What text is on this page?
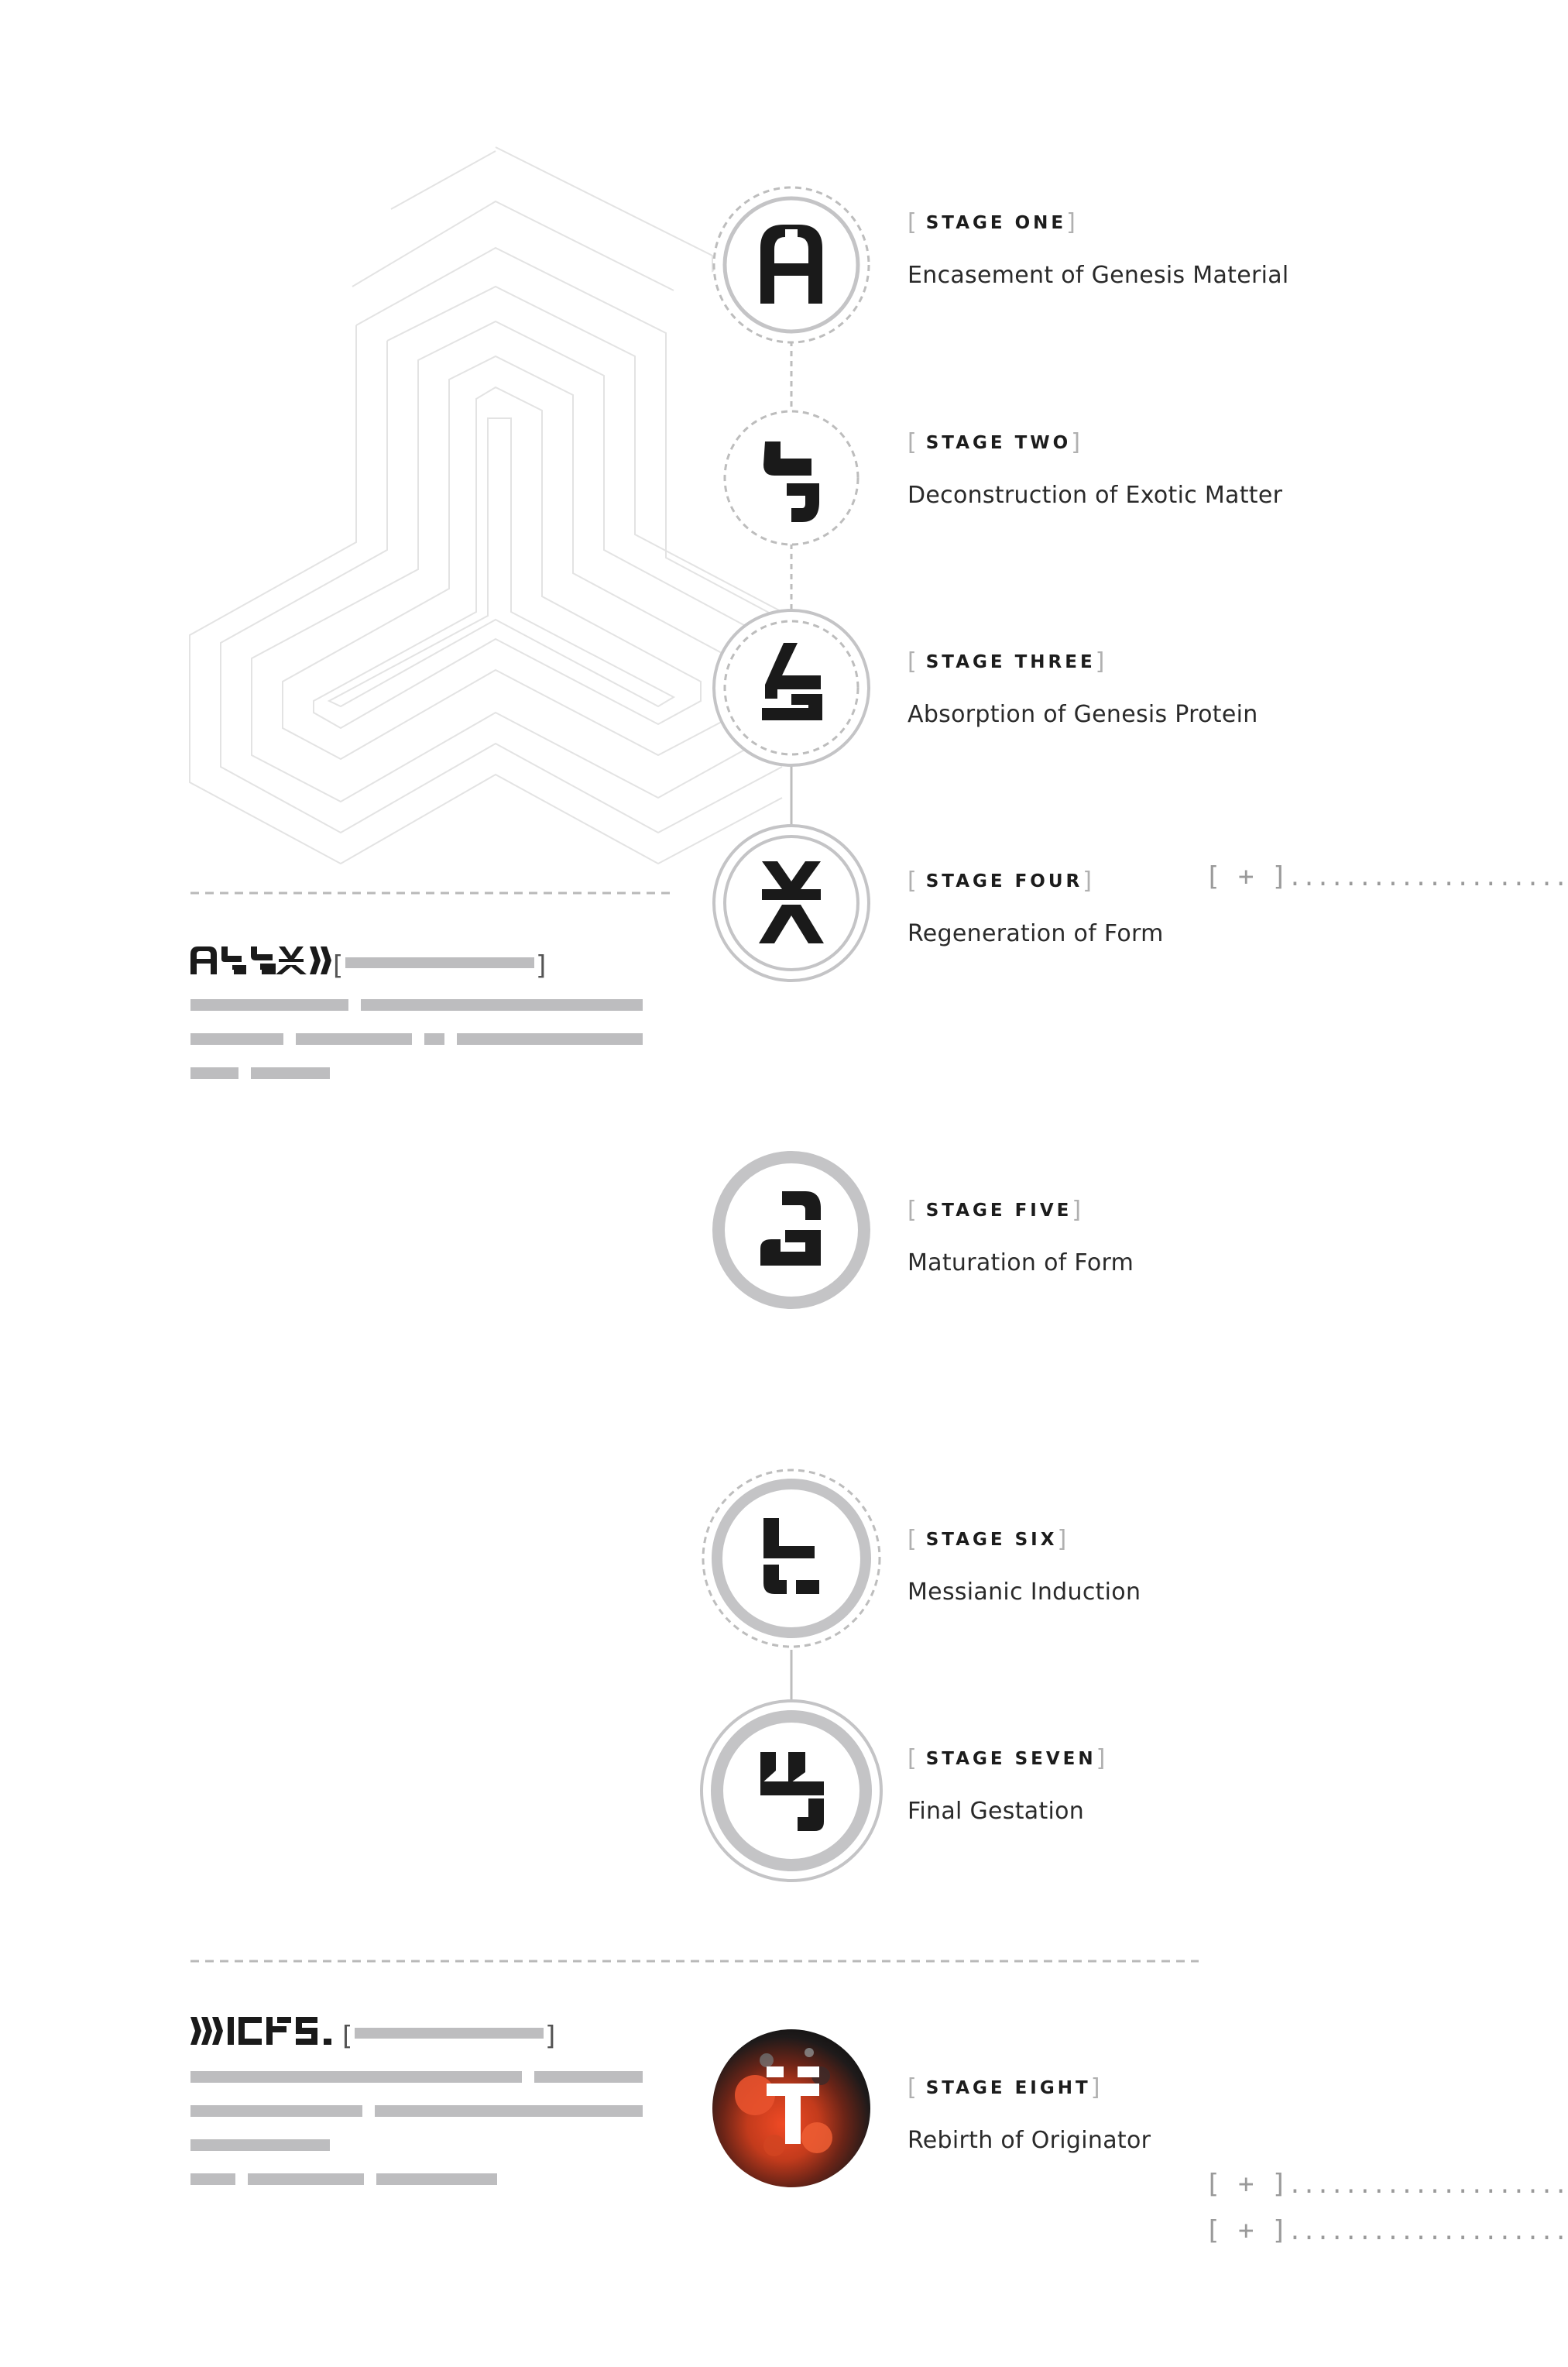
[ STAGE ONE]
Encasement of Genesis Material
[ STAGE TWO]
Deconstruction of Exotic Matter
[ STAGE THREE]
Absorption of Genesis Protein
[ STAGE FOUR]
Regeneration of Form
[ STAGE FIVE]
Maturation of Form
[ STAGE SIX]
Messianic Induction
[ STAGE SEVEN]
Final Gestation
[ STAGE EIGHT]
Rebirth of Originator
[ + ]....................
[ + ]....................
[ + ]....................
[	]
[	]
